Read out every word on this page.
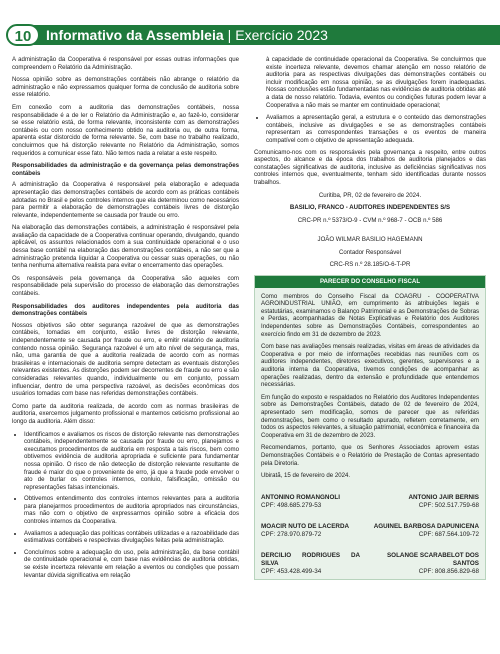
10	Informativo da Assembleia | Exercício 2023

A administração da Cooperativa é responsável por essas outras informações que compreendem o Relatório da Administração.

Nossa opinião sobre as demonstrações contábeis não abrange o relatório da administração e não expressamos qualquer forma de conclusão de auditoria sobre esse relatório.

Em conexão com a auditoria das demonstrações contábeis, nossa responsabilidade é a de ler o Relatório da Administração e, ao fazê-lo, considerar se esse relatório está, de forma relevante, inconsistente com as demonstrações contábeis ou com nosso conhecimento obtido na auditoria ou, de outra forma, aparenta estar distorcido de forma relevante. Se, com base no trabalho realizado, concluirmos que há distorção relevante no Relatório da Administração, somos requeridos a comunicar esse fato. Não temos nada a relatar a este respeito.

Responsabilidades da administração e da governança pelas demonstrações contábeis

A administração da Cooperativa é responsável pela elaboração e adequada apresentação das demonstrações contábeis de acordo com as práticas contábeis adotadas no Brasil e pelos controles internos que ela determinou como necessários para permitir a elaboração de demonstrações contábeis livres de distorção relevante, independentemente se causada por fraude ou erro.

Na elaboração das demonstrações contábeis, a administração é responsável pela avaliação da capacidade de a Cooperativa continuar operando, divulgando, quando aplicável, os assuntos relacionados com a sua continuidade operacional e o uso dessa base contábil na elaboração das demonstrações contábeis, a não ser que a administração pretenda liquidar a Cooperativa ou cessar suas operações, ou não tenha nenhuma alternativa realista para evitar o encerramento das operações.

Os responsáveis pela governança da Cooperativa são aqueles com responsabilidade pela supervisão do processo de elaboração das demonstrações contábeis.

Responsabilidades dos auditores independentes pela auditoria das demonstrações contábeis

Nossos objetivos são obter segurança razoável de que as demonstrações contábeis, tomadas em conjunto, estão livres de distorção relevante, independentemente se causada por fraude ou erro, e emitir relatório de auditoria contendo nossa opinião. Segurança razoável é um alto nível de segurança, mas, não, uma garantia de que a auditoria realizada de acordo com as normas brasileiras e internacionais de auditoria sempre detectam as eventuais distorções relevantes existentes. As distorções podem ser decorrentes de fraude ou erro e são consideradas relevantes quando, individualmente ou em conjunto, possam influenciar, dentro de uma perspectiva razoável, as decisões econômicas dos usuários tomadas com base nas referidas demonstrações contábeis.

Como parte da auditoria realizada, de acordo com as normas brasileiras de auditoria, exercemos julgamento profissional e mantemos ceticismo profissional ao longo da auditoria. Além disso:

• Identificamos e avaliamos os riscos de distorção relevante nas demonstrações contábeis, independentemente se causada por fraude ou erro, planejamos e executamos procedimentos de auditoria em resposta a tais riscos, bem como obtivemos evidência de auditoria apropriada e suficiente para fundamentar nossa opinião. O risco de não detecção de distorção relevante resultante de fraude é maior do que o proveniente de erro, já que a fraude pode envolver o ato de burlar os controles internos, conluio, falsificação, omissão ou representações falsas intencionais.
• Obtivemos entendimento dos controles internos relevantes para a auditoria para planejarmos procedimentos de auditoria apropriados nas circunstâncias, mas não com o objetivo de expressarmos opinião sobre a eficácia dos controles internos da Cooperativa.
• Avaliamos a adequação das políticas contábeis utilizadas e a razoabilidade das estimativas contábeis e respectivas divulgações feitas pela administração.
• Concluímos sobre a adequação do uso, pela administração, da base contábil de continuidade operacional e, com base nas evidências de auditoria obtidas, se existe incerteza relevante em relação a eventos ou condições que possam levantar dúvida significativa em relação

à capacidade de continuidade operacional da Cooperativa. Se concluirmos que existe incerteza relevante, devemos chamar atenção em nosso relatório de auditoria para as respectivas divulgações das demonstrações contábeis ou incluir modificação em nossa opinião, se as divulgações forem inadequadas. Nossas conclusões estão fundamentadas nas evidências de auditoria obtidas até a data de nosso relatório. Todavia, eventos ou condições futuras podem levar a Cooperativa a não mais se manter em continuidade operacional;

• Avaliamos a apresentação geral, a estrutura e o conteúdo das demonstrações contábeis, inclusive as divulgações e se as demonstrações contábeis representam as correspondentes transações e os eventos de maneira compatível com o objetivo de apresentação adequada.

Comunicamo-nos com os responsáveis pela governança a respeito, entre outros aspectos, do alcance e da época dos trabalhos de auditoria planejados e das constatações significativas de auditoria, inclusive as deficiências significativas nos controles internos que, eventualmente, tenham sido identificadas durante nossos trabalhos.

Curitiba, PR, 02 de fevereiro de 2024.

BASILIO, FRANCO - AUDITORES INDEPENDENTES S/S

CRC-PR n.º 5373/O-9 - CVM n.º 968-7 - OCB n.º 586

JOÃO WILMAR BASILIO HAGEMANN

Contador Responsável

CRC-RS n.º 28.185/O-6-T-PR

PARECER DO CONSELHO FISCAL

Como membros do Conselho Fiscal da COAGRU - COOPERATIVA AGROINDUSTRIAL UNIÃO, em cumprimento às atribuições legais e estatutárias, examinamos o Balanço Patrimonial e as Demonstrações de Sobras e Perdas, acompanhadas de Notas Explicativas e Relatório dos Auditores Independentes sobre as Demonstrações Contábeis, correspondentes ao exercício findo em 31 de dezembro de 2023.

Com base nas avaliações mensais realizadas, visitas em áreas de atividades da Cooperativa e por meio de informações recebidas nas reuniões com os auditores independentes, diretores executivos, gerentes, supervisores e a auditoria interna da Cooperativa, tivemos condições de acompanhar as operações realizadas, dentro da extensão e profundidade que entendemos necessárias.

Em função do exposto e respaldados no Relatório dos Auditores Independentes sobre as Demonstrações Contábeis, datado de 02 de fevereiro de 2024, apresentado sem modificação, somos de parecer que as referidas demonstrações, bem como o resultado apurado, refletem corretamente, em todos os aspectos relevantes, a situação patrimonial, econômica e financeira da Cooperativa em 31 de dezembro de 2023.

Recomendamos, portanto, que os Senhores Associados aprovem estas Demonstrações Contábeis e o Relatório de Prestação de Contas apresentado pela Diretoria.

Ubiratã, 15 de fevereiro de 2024.

ANTONINO ROMANGNOLI
CPF: 498.685.279-53
ANTONIO JAIR BERNIS
CPF: 502.517.759-68
MOACIR NUTO DE LACERDA
CPF: 278.970.879-72
AGUINEL BARBOSA DAPUNICENA
CPF: 687.564.109-72
DERCILIO RODRIGUES DA SILVA
CPF: 453.428.499-34
SOLANGE SCARABELOT DOS SANTOS
CPF: 808.856.829-68
